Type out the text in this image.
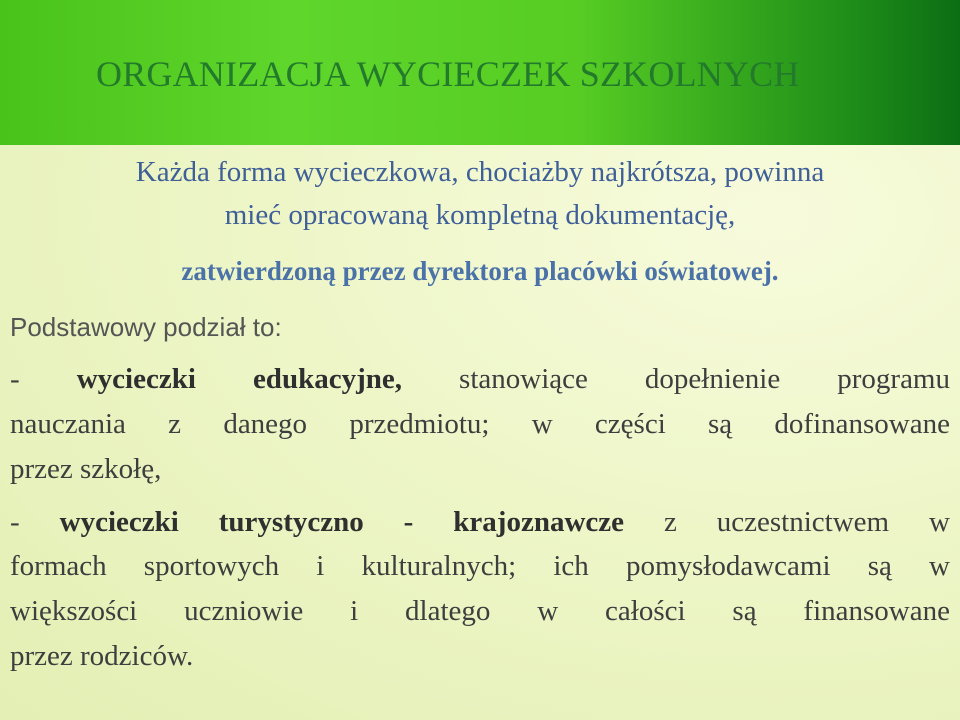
ORGANIZACJA WYCIECZEK SZKOLNYCH
Każda forma wycieczkowa, chociażby najkrótsza, powinna
mieć opracowaną kompletną dokumentację,
zatwierdzoną przez dyrektora placówki oświatowej.
Podstawowy podział to:
- wycieczki edukacyjne, stanowiące dopełnienie programu
nauczania z danego przedmiotu; w części są dofinansowane
przez szkołę,
- wycieczki turystyczno - krajoznawcze z uczestnictwem w
formach sportowych i kulturalnych; ich pomysłodawcami są w
większości uczniowie i dlatego w całości są finansowane
przez rodziców.
